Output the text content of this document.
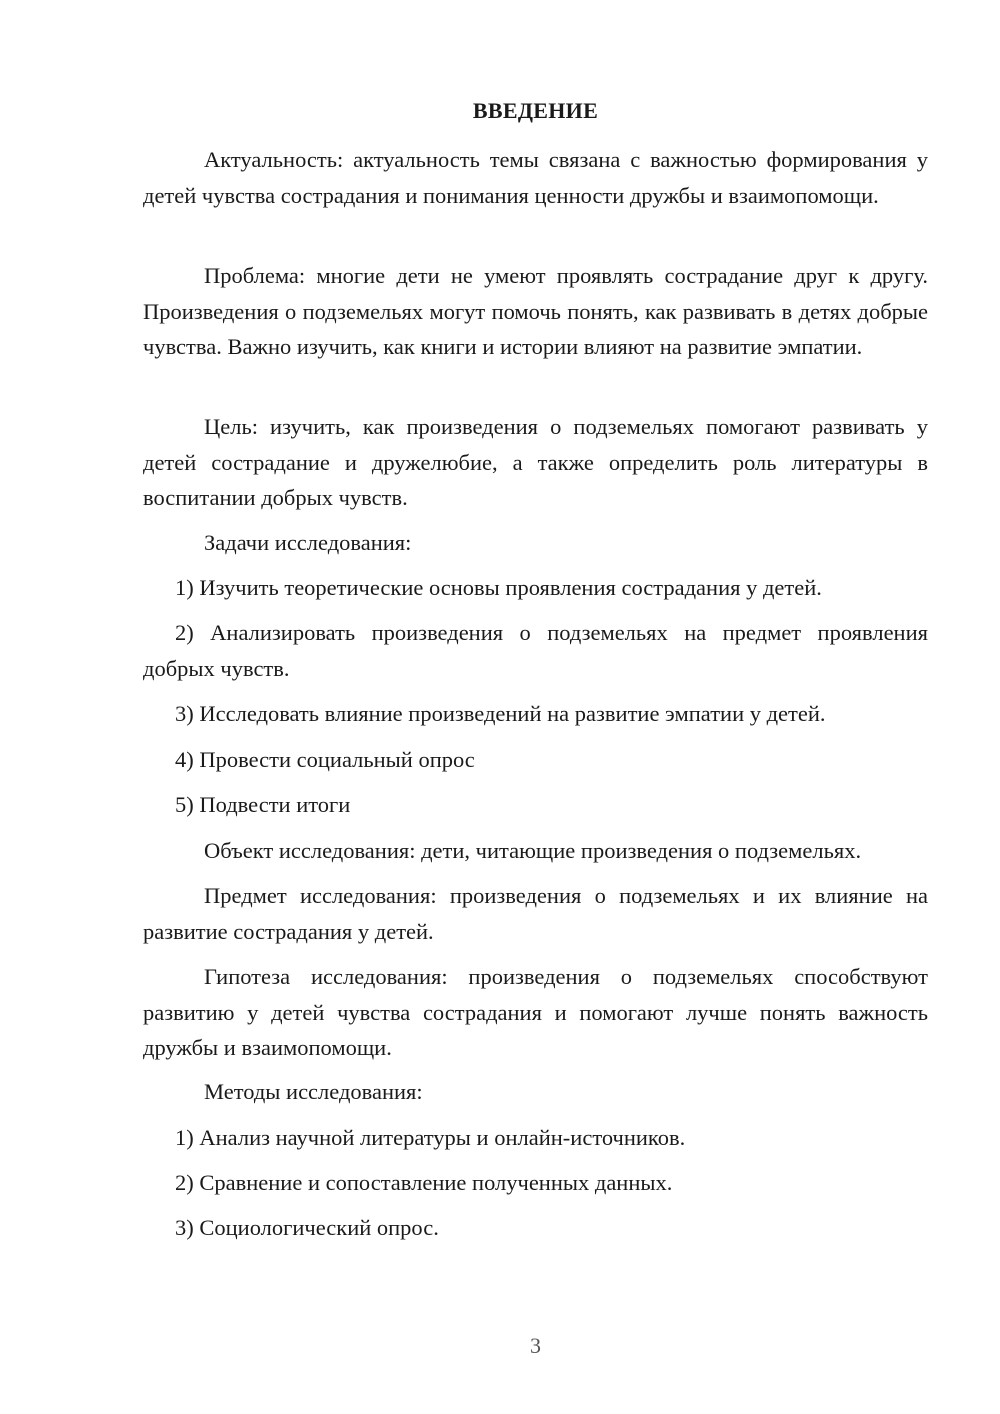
ВВЕДЕНИЕ

Актуальность: актуальность темы связана с важностью формирования у детей чувства сострадания и понимания ценности дружбы и взаимопомощи.

Проблема: многие дети не умеют проявлять сострадание друг к другу. Произведения о подземельях могут помочь понять, как развивать в детях добрые чувства. Важно изучить, как книги и истории влияют на развитие эмпатии.

Цель: изучить, как произведения о подземельях помогают развивать у детей сострадание и дружелюбие, а также определить роль литературы в воспитании добрых чувств.

Задачи исследования:

1) Изучить теоретические основы проявления сострадания у детей.

2) Анализировать произведения о подземельях на предмет проявления добрых чувств.

3) Исследовать влияние произведений на развитие эмпатии у детей.

4) Провести социальный опрос

5) Подвести итоги

Объект исследования: дети, читающие произведения о подземельях.

Предмет исследования: произведения о подземельях и их влияние на развитие сострадания у детей.

Гипотеза исследования: произведения о подземельях способствуют развитию у детей чувства сострадания и помогают лучше понять важность дружбы и взаимопомощи.

Методы исследования:

1) Анализ научной литературы и онлайн-источников.

2) Сравнение и сопоставление полученных данных.

3) Социологический опрос.

3
